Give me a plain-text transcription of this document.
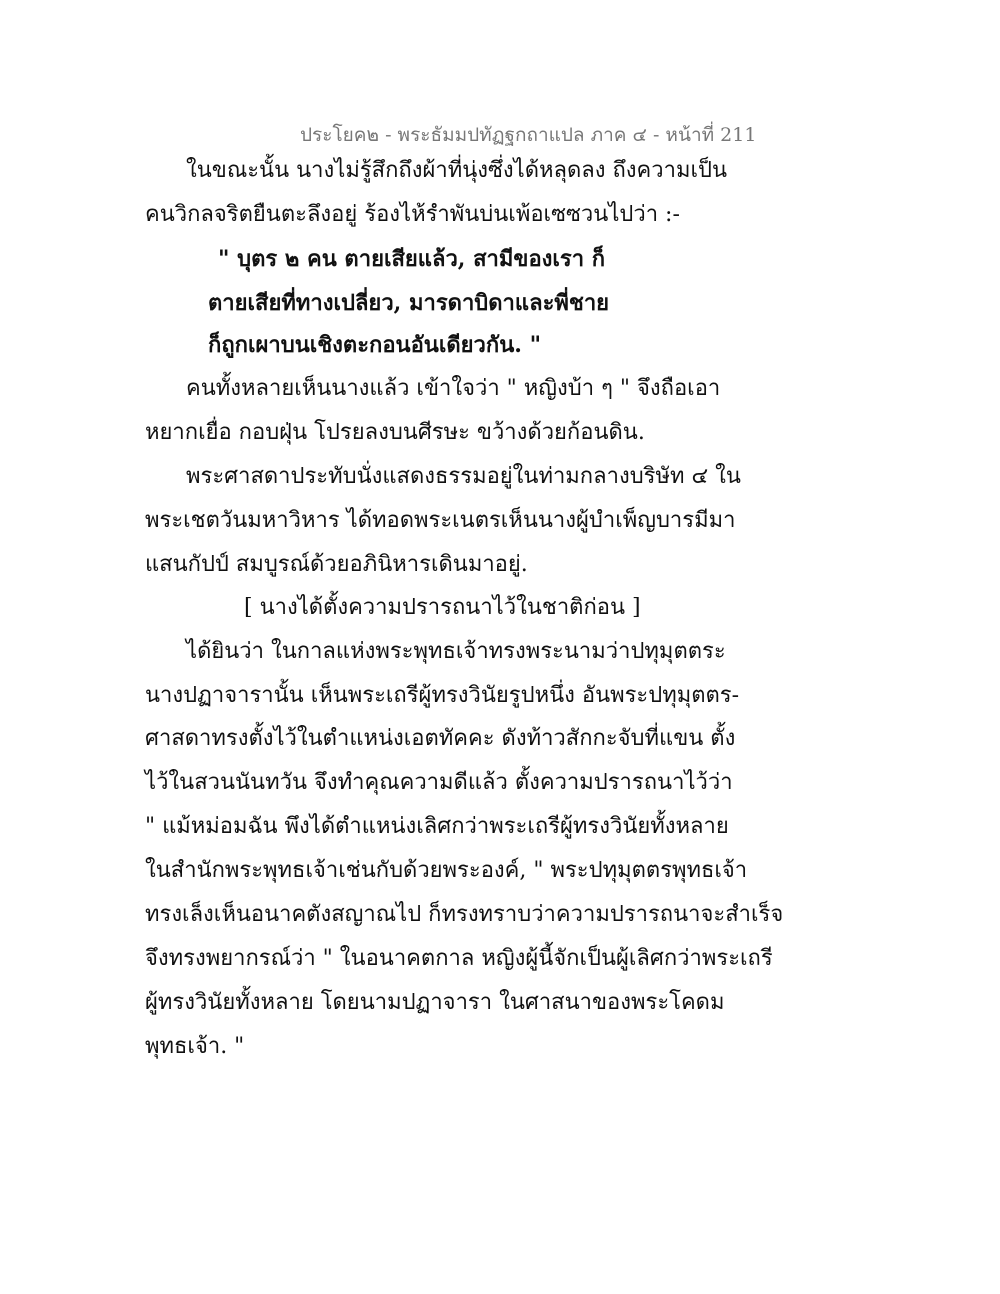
ประโยค๒ - พระธัมมปทัฏฐกถาแปล ภาค ๔ - หน้าที่ 211
ในขณะนั้น นางไม่รู้สึกถึงผ้าที่นุ่งซึ่งได้หลุดลง ถึงความเป็น
คนวิกลจริตยืนตะลึงอยู่ ร้องไห้รำพันบ่นเพ้อเซซวนไปว่า :-
" บุตร ๒ คน ตายเสียแล้ว, สามีของเรา ก็
ตายเสียที่ทางเปลี่ยว, มารดาบิดาและพี่ชาย
ก็ถูกเผาบนเชิงตะกอนอันเดียวกัน. "
คนทั้งหลายเห็นนางแล้ว เข้าใจว่า " หญิงบ้า ๆ " จึงถือเอา
หยากเยื่อ กอบฝุ่น โปรยลงบนศีรษะ ขว้างด้วยก้อนดิน.
พระศาสดาประทับนั่งแสดงธรรมอยู่ในท่ามกลางบริษัท ๔ ใน
พระเชตวันมหาวิหาร ได้ทอดพระเนตรเห็นนางผู้บำเพ็ญบารมีมา
แสนกัปป์ สมบูรณ์ด้วยอภินิหารเดินมาอยู่.
[ นางได้ตั้งความปรารถนาไว้ในชาติก่อน ]
ได้ยินว่า ในกาลแห่งพระพุทธเจ้าทรงพระนามว่าปทุมุตตระ
นางปฏาจารานั้น เห็นพระเถรีผู้ทรงวินัยรูปหนึ่ง อันพระปทุมุตตร-
ศาสดาทรงตั้งไว้ในตำแหน่งเอตทัคคะ ดังท้าวสักกะจับที่แขน ตั้ง
ไว้ในสวนนันทวัน จึงทำคุณความดีแล้ว ตั้งความปรารถนาไว้ว่า
" แม้หม่อมฉัน พึงได้ตำแหน่งเลิศกว่าพระเถรีผู้ทรงวินัยทั้งหลาย
ในสำนักพระพุทธเจ้าเช่นกับด้วยพระองค์, " พระปทุมุตตรพุทธเจ้า
ทรงเล็งเห็นอนาคตังสญาณไป ก็ทรงทราบว่าความปรารถนาจะสำเร็จ
จึงทรงพยากรณ์ว่า " ในอนาคตกาล หญิงผู้นี้จักเป็นผู้เลิศกว่าพระเถรี
ผู้ทรงวินัยทั้งหลาย โดยนามปฏาจารา ในศาสนาของพระโคดม
พุทธเจ้า. "
